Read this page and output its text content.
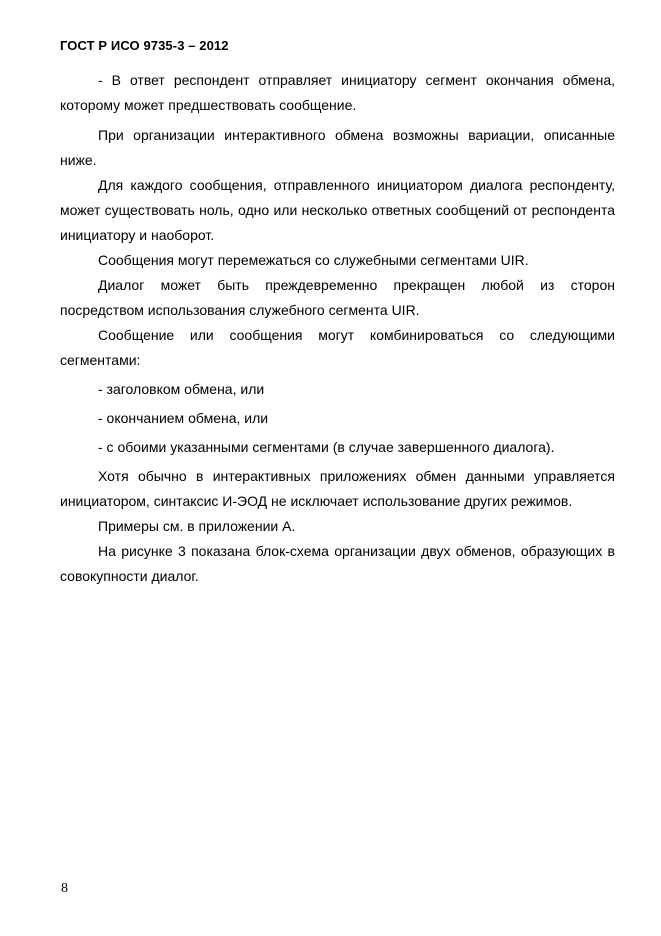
ГОСТ Р ИСО 9735-3 – 2012

- В ответ респондент отправляет инициатору сегмент окончания обмена, которому может предшествовать сообщение.

При организации интерактивного обмена возможны вариации, описанные ниже.

Для каждого сообщения, отправленного инициатором диалога респонденту, может существовать ноль, одно или несколько ответных сообщений от респондента инициатору и наоборот.

Сообщения могут перемежаться со служебными сегментами UIR.

Диалог может быть преждевременно прекращен любой из сторон посредством использования служебного сегмента UIR.

Сообщение или сообщения могут комбинироваться со следующими сегментами:

- заголовком обмена, или

- окончанием обмена, или

- с обоими указанными сегментами (в случае завершенного диалога).

Хотя обычно в интерактивных приложениях обмен данными управляется инициатором, синтаксис И-ЭОД не исключает использование других режимов.

Примеры см. в приложении А.

На рисунке 3 показана блок-схема организации двух обменов, образующих в совокупности диалог.

8
